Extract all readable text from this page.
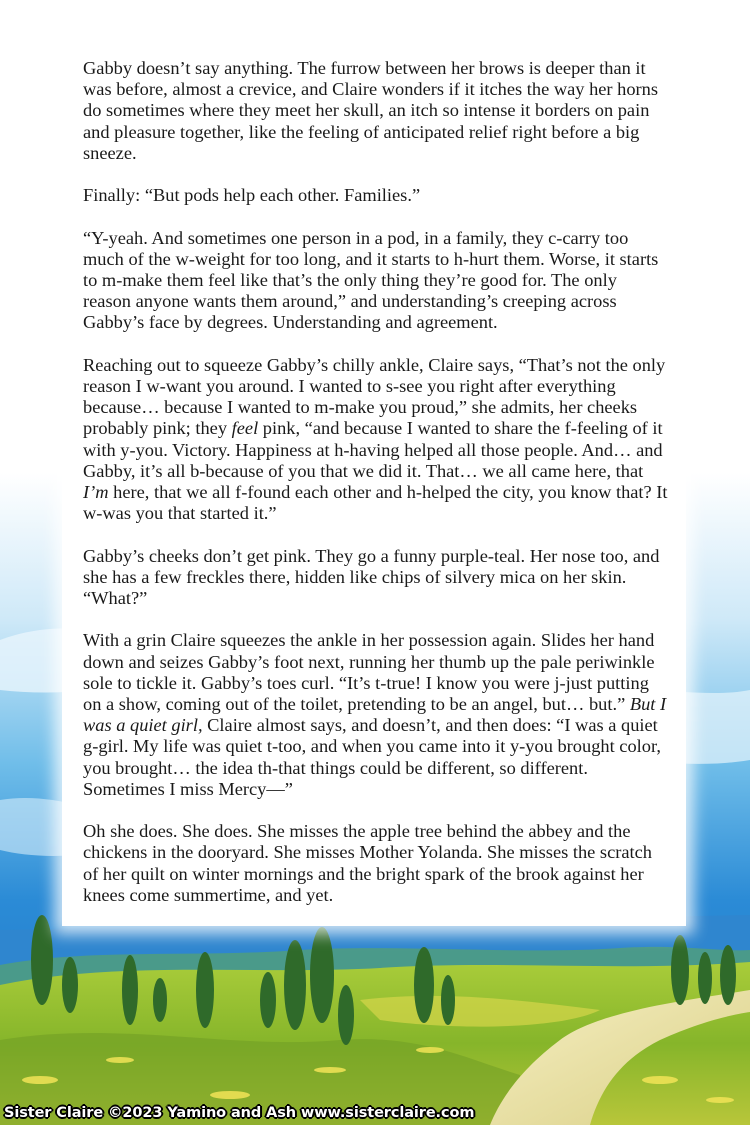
Gabby doesn’t say anything. The furrow between her brows is deeper than it was before, almost a crevice, and Claire wonders if it itches the way her horns do sometimes where they meet her skull, an itch so intense it borders on pain and pleasure together, like the feeling of anticipated relief right before a big sneeze.

Finally: “But pods help each other. Families.”

“Y-yeah. And sometimes one person in a pod, in a family, they c-carry too much of the w-weight for too long, and it starts to h-hurt them. Worse, it starts to m-make them feel like that’s the only thing they’re good for. The only reason anyone wants them around,” and understanding’s creeping across Gabby’s face by degrees. Understanding and agreement.

Reaching out to squeeze Gabby’s chilly ankle, Claire says, “That’s not the only reason I w-want you around. I wanted to s-see you right after everything because… because I wanted to m-make you proud,” she admits, her cheeks probably pink; they feel pink, “and because I wanted to share the f-feeling of it with y-you. Victory. Happiness at h-having helped all those people. And… and Gabby, it’s all b-because of you that we did it. That… we all came here, that I’m here, that we all f-found each other and h-helped the city, you know that? It w-was you that started it.”

Gabby’s cheeks don’t get pink. They go a funny purple-teal. Her nose too, and she has a few freckles there, hidden like chips of silvery mica on her skin. “What?”

With a grin Claire squeezes the ankle in her possession again. Slides her hand down and seizes Gabby’s foot next, running her thumb up the pale periwinkle sole to tickle it. Gabby’s toes curl. “It’s t-true! I know you were j-just putting on a show, coming out of the toilet, pretending to be an angel, but… but.” But I was a quiet girl, Claire almost says, and doesn’t, and then does: “I was a quiet g-girl. My life was quiet t-too, and when you came into it y-you brought color, you brought… the idea th-that things could be different, so different. Sometimes I miss Mercy—”

Oh she does. She does. She misses the apple tree behind the abbey and the chickens in the dooryard. She misses Mother Yolanda. She misses the scratch of her quilt on winter mornings and the bright spark of the brook against her knees come summertime, and yet.

Sister Claire ©2023 Yamino and Ash www.sisterclaire.com
